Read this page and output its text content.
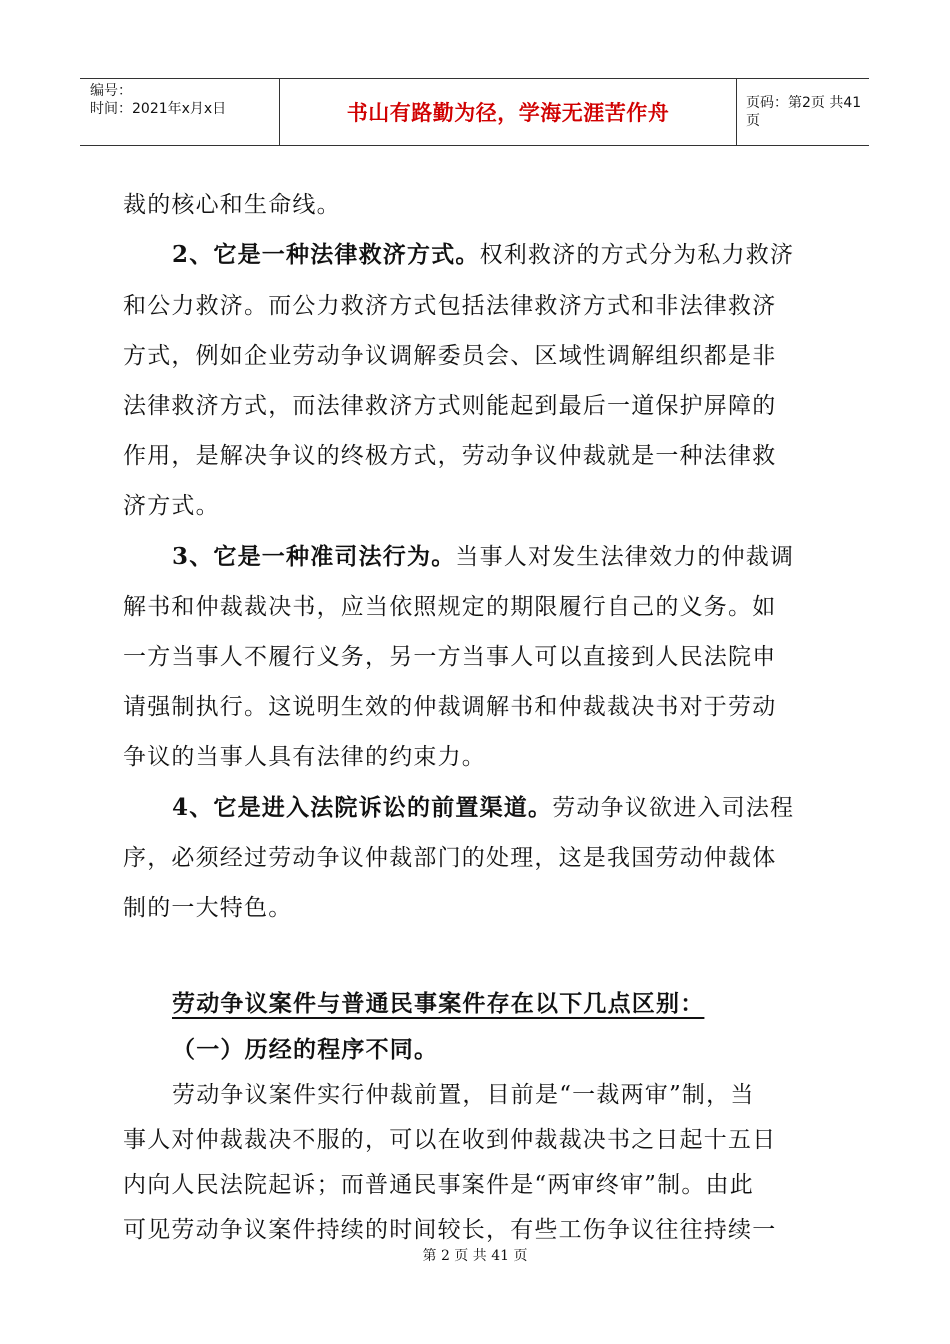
编号：
时间：2021年x月x日	书山有路勤为径，学海无涯苦作舟	页码：第2页 共41页
裁的核心和生命线。
2、它是一种法律救济方式。权利救济的方式分为私力救济
和公力救济。而公力救济方式包括法律救济方式和非法律救济
方式，例如企业劳动争议调解委员会、区域性调解组织都是非
法律救济方式，而法律救济方式则能起到最后一道保护屏障的
作用，是解决争议的终极方式，劳动争议仲裁就是一种法律救
济方式。
3、它是一种准司法行为。当事人对发生法律效力的仲裁调
解书和仲裁裁决书，应当依照规定的期限履行自己的义务。如
一方当事人不履行义务，另一方当事人可以直接到人民法院申
请强制执行。这说明生效的仲裁调解书和仲裁裁决书对于劳动
争议的当事人具有法律的约束力。
4、它是进入法院诉讼的前置渠道。劳动争议欲进入司法程
序，必须经过劳动争议仲裁部门的处理，这是我国劳动仲裁体
制的一大特色。
劳动争议案件与普通民事案件存在以下几点区别：
（一）历经的程序不同。
劳动争议案件实行仲裁前置，目前是“一裁两审”制，当
事人对仲裁裁决不服的，可以在收到仲裁裁决书之日起十五日
内向人民法院起诉；而普通民事案件是“两审终审”制。由此
可见劳动争议案件持续的时间较长，有些工伤争议往往持续一
第 2 页 共 41 页
